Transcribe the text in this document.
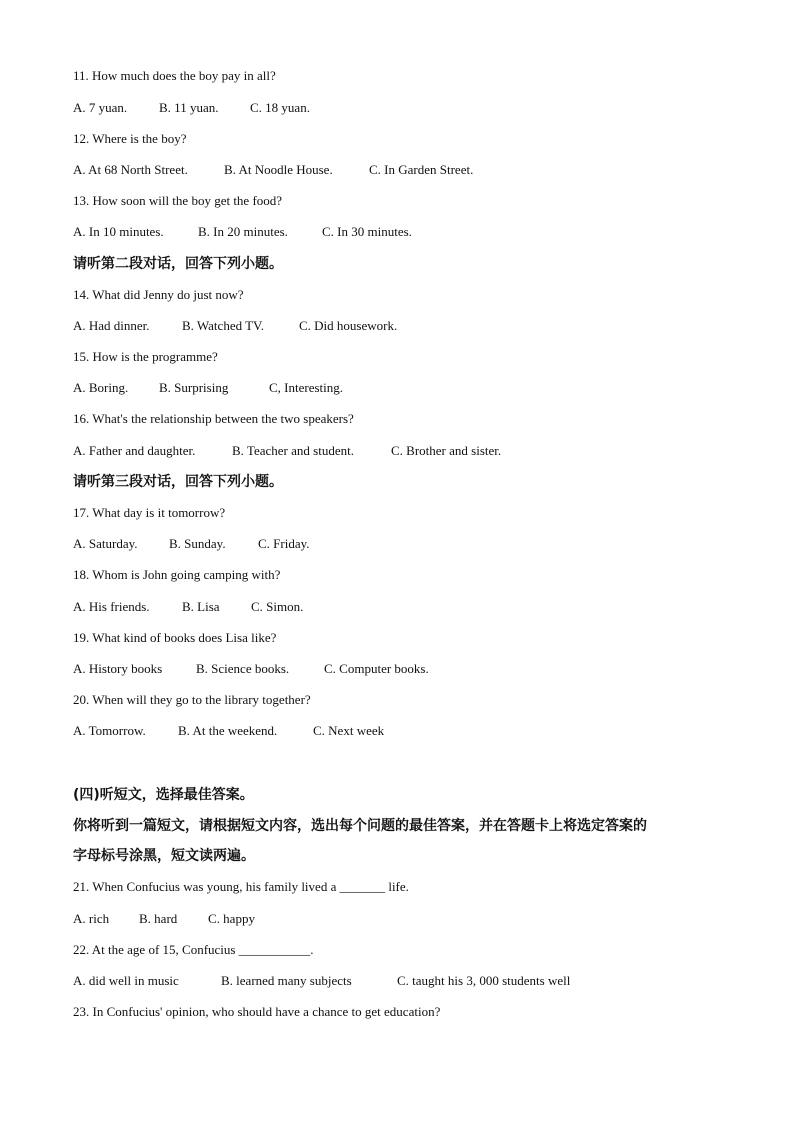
11. How much does the boy pay in all?
A. 7 yuan. B. 11 yuan. C. 18 yuan.
12. Where is the boy?
A. At 68 North Street.	B. At Noodle House.	C. In Garden Street.
13. How soon will the boy get the food?
A. In 10 minutes.	B. In 20 minutes.	C. In 30 minutes.
请听第二段对话，回答下列小题。
14. What did Jenny do just now?
A. Had dinner. B. Watched TV.	C. Did housework.
15. How is the programme?
A. Boring. B. Surprising	C, Interesting.
16. What's the relationship between the two speakers?
A. Father and daughter.	B. Teacher and student.	C. Brother and sister.
请听第三段对话，回答下列小题。
17. What day is it tomorrow?
A. Saturday. B. Sunday. C. Friday.
18. Whom is John going camping with?
A. His friends. B. Lisa C. Simon.
19. What kind of books does Lisa like?
A. History books	B. Science books.	C. Computer books.
20. When will they go to the library together?
A. Tomorrow. B. At the weekend.	C. Next week
(四)听短文，选择最佳答案。
你将听到一篇短文，请根据短文内容，选出每个问题的最佳答案，并在答题卡上将选定答案的
字母标号涂黑，短文读两遍。
21. When Confucius was young, his family lived a _______ life.
A. rich B. hard C. happy
22. At the age of 15, Confucius ___________.
A. did well in music	B. learned many subjects	C. taught his 3, 000 students well
23. In Confucius' opinion, who should have a chance to get education?
